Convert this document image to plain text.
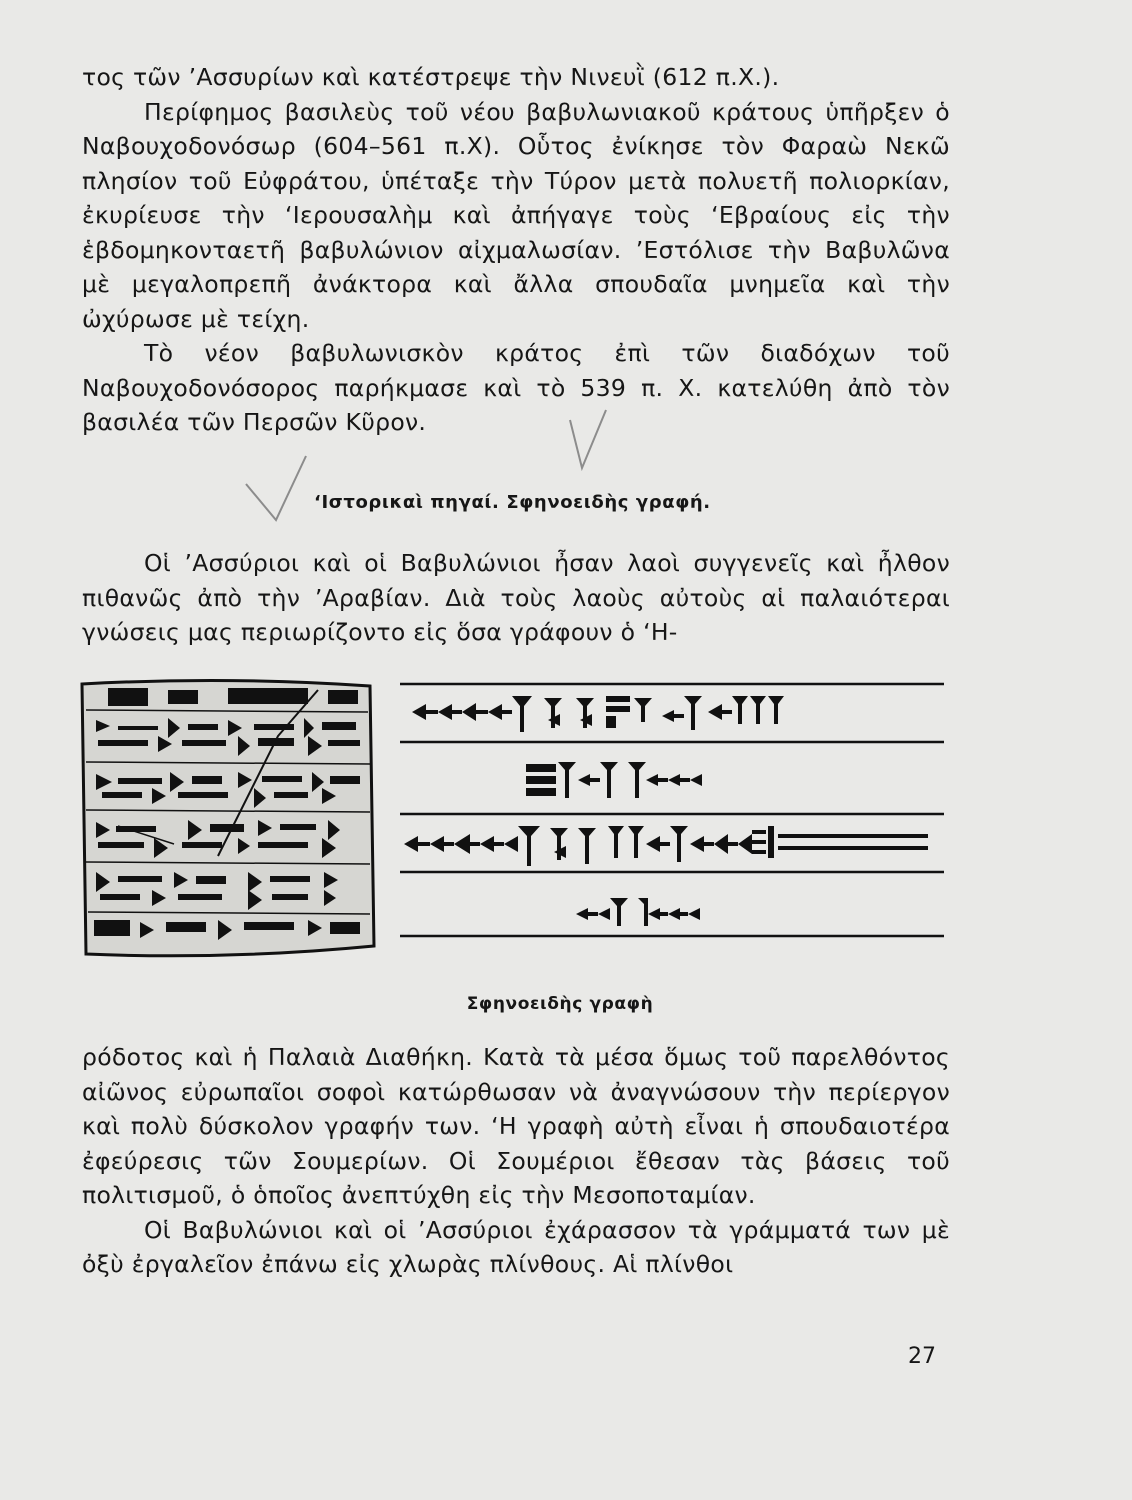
τος τῶν ’Ασσυρίων καὶ κατέστρεψε τὴν Νινευῒ (612 π.Χ.).

Περίφημος βασιλεὺς τοῦ νέου βαβυλωνιακοῦ κράτους ὑπῆρξεν ὁ Ναβουχοδονόσωρ (604–561 π.Χ). Οὗτος ἐνίκησε τὸν Φαραὼ Νεκῶ πλησίον τοῦ Εὐφράτου, ὑπέταξε τὴν Τύρον μετὰ πολυετῆ πολιορκίαν, ἐκυρίευσε τὴν ‘Ιερουσαλὴμ καὶ ἀπήγαγε τοὺς ‘Εβραίους εἰς τὴν ἑβδομηκονταετῆ βαβυλώνιον αἰχμαλωσίαν. ’Εστόλισε τὴν Βαβυλῶνα μὲ μεγαλοπρεπῆ ἀνάκτορα καὶ ἄλλα σπουδαῖα μνημεῖα καὶ τὴν ὠχύρωσε μὲ τείχη.

Τὸ νέον βαβυλωνισκὸν κράτος ἐπὶ τῶν διαδόχων τοῦ Ναβουχοδονόσορος παρήκμασε καὶ τὸ 539 π. Χ. κατελύθη ἀπὸ τὸν βασιλέα τῶν Περσῶν Κῦρον.

‘Ιστορικαὶ πηγαί. Σφηνοειδὴς γραφή.

Οἱ ’Ασσύριοι καὶ οἱ Βαβυλώνιοι ἦσαν λαοὶ συγγενεῖς καὶ ἦλθον πιθανῶς ἀπὸ τὴν ’Αραβίαν. Διὰ τοὺς λαοὺς αὐτοὺς αἱ παλαιότεραι γνώσεις μας περιωρίζοντο εἰς ὅσα γράφουν ὁ ‘Η-

Σφηνοειδὴς γραφὴ

ρόδοτος καὶ ἡ Παλαιὰ Διαθήκη. Κατὰ τὰ μέσα ὅμως τοῦ παρελθόντος αἰῶνος εὐρωπαῖοι σοφοὶ κατώρθωσαν νὰ ἀναγνώσουν τὴν περίεργον καὶ πολὺ δύσκολον γραφήν των. ‘Η γραφὴ αὐτὴ εἶναι ἡ σπουδαιοτέρα ἐφεύρεσις τῶν Σουμερίων. Οἱ Σουμέριοι ἔθεσαν τὰς βάσεις τοῦ πολιτισμοῦ, ὁ ὁποῖος ἀνεπτύχθη εἰς τὴν Μεσοποταμίαν.

Οἱ Βαβυλώνιοι καὶ οἱ ’Ασσύριοι ἐχάρασσον τὰ γράμματά των μὲ ὀξὺ ἐργαλεῖον ἐπάνω εἰς χλωρὰς πλίνθους. Αἱ πλίνθοι

27
